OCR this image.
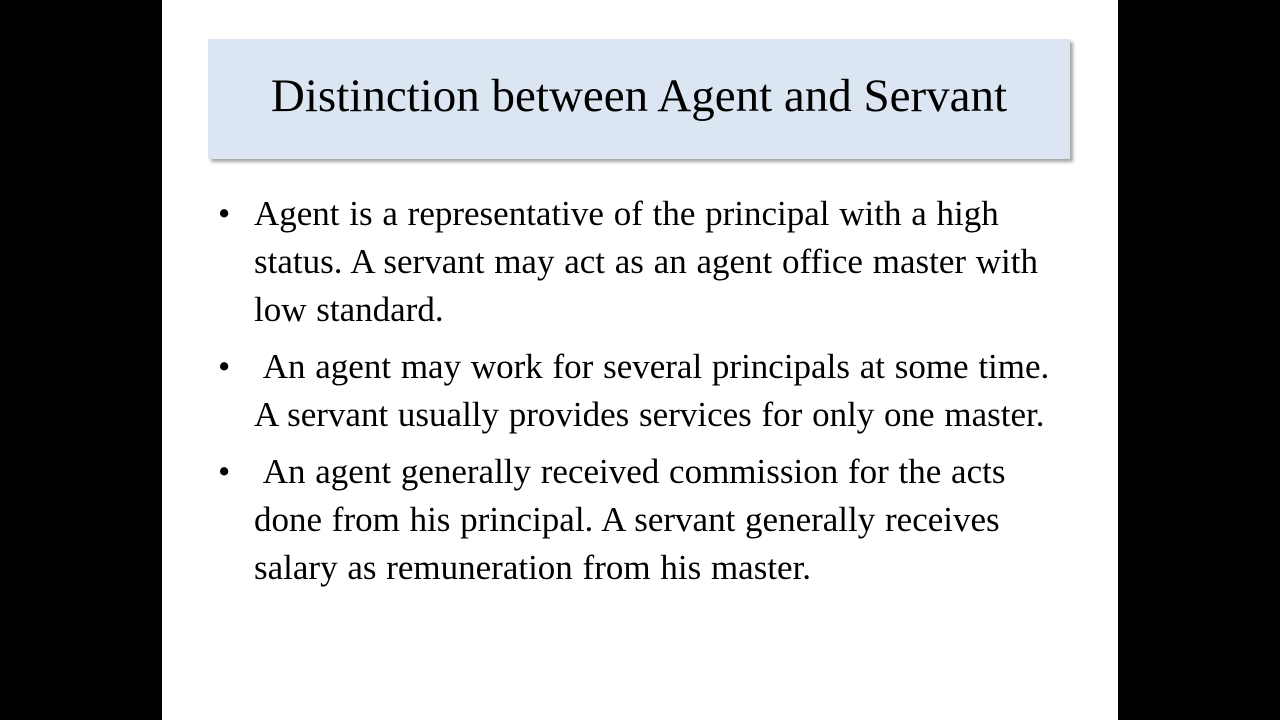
Distinction between Agent and Servant
• Agent is a representative of the principal with a high status. A servant may act as an agent office master with low standard.
• An agent may work for several principals at some time. A servant usually provides services for only one master.
• An agent generally received commission for the acts done from his principal. A servant generally receives salary as remuneration from his master.
